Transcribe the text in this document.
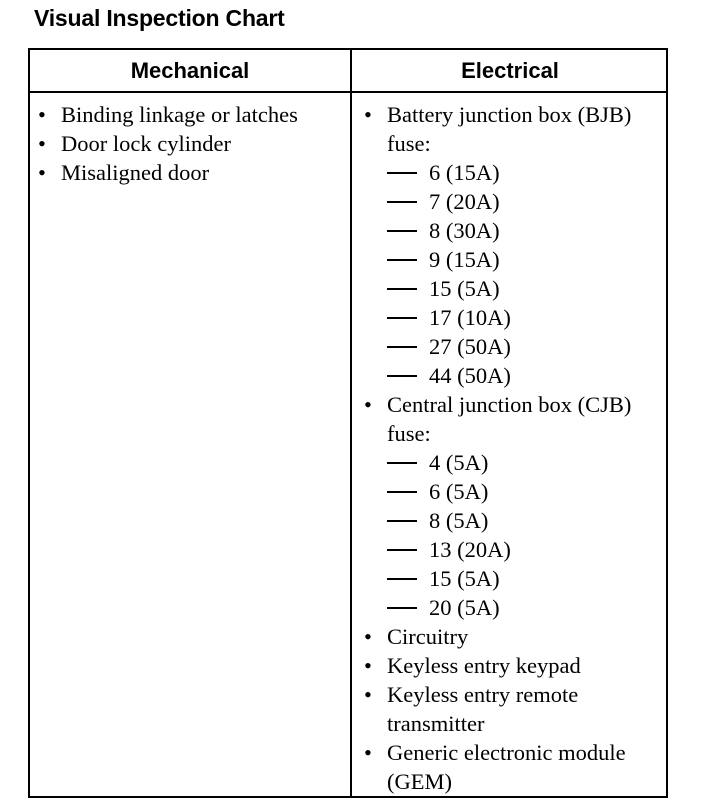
Visual Inspection Chart
Mechanical	Electrical
• Binding linkage or latches
• Door lock cylinder
• Misaligned door
• Battery junction box (BJB) fuse:
6 (15A)
7 (20A)
8 (30A)
9 (15A)
15 (5A)
17 (10A)
27 (50A)
44 (50A)
• Central junction box (CJB) fuse:
4 (5A)
6 (5A)
8 (5A)
13 (20A)
15 (5A)
20 (5A)
• Circuitry
• Keyless entry keypad
• Keyless entry remote transmitter
• Generic electronic module (GEM)
